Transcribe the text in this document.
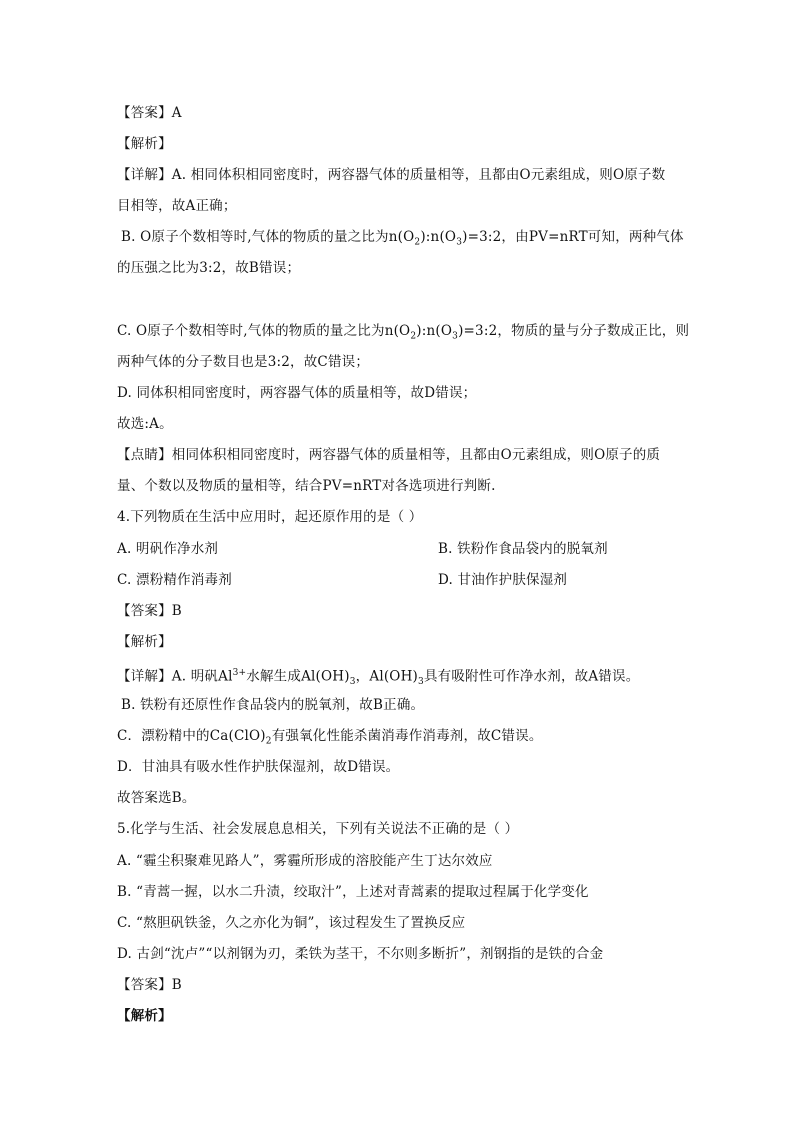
【答案】A
【解析】
【详解】A. 相同体积相同密度时，两容器气体的质量相等，且都由O元素组成，则O原子数
目相等，故A正确；
B. O原子个数相等时,气体的物质的量之比为$n(O_2):n(O_3)=3:2$，由PV=nRT可知，两种气体
的压强之比为3:2，故B错误；
C. O原子个数相等时,气体的物质的量之比为$n(O_2):n(O_3)=3:2$，物质的量与分子数成正比，则
两种气体的分子数目也是3:2，故C错误；
D. 同体积相同密度时，两容器气体的质量相等，故D错误；
故选:A。
【点睛】相同体积相同密度时，两容器气体的质量相等，且都由O元素组成，则O原子的质
量、个数以及物质的量相等，结合PV=nRT对各选项进行判断.
4.下列物质在生活中应用时，起还原作用的是（ ）
A. 明矾作净水剂	B. 铁粉作食品袋内的脱氧剂
C. 漂粉精作消毒剂	D. 甘油作护肤保湿剂
【答案】B
【解析】
【详解】A. 明矾$Al^{3+}$水解生成$Al(OH)_3$，$Al(OH)_3$具有吸附性可作净水剂，故A错误。
B. 铁粉有还原性作食品袋内的脱氧剂，故B正确。
C．漂粉精中的$Ca(ClO)_2$有强氧化性能杀菌消毒作消毒剂，故C错误。
D．甘油具有吸水性作护肤保湿剂，故D错误。
故答案选B。
5.化学与生活、社会发展息息相关，下列有关说法不正确的是（ ）
A. “霾尘积聚难见路人”，雾霾所形成的溶胶能产生丁达尔效应
B. “青蒿一握，以水二升渍，绞取汁”，上述对青蒿素的提取过程属于化学变化
C. “熬胆矾铁釜，久之亦化为铜”，该过程发生了置换反应
D. 古剑“沈卢”“以剂钢为刃，柔铁为茎干，不尔则多断折”，剂钢指的是铁的合金
【答案】B
【解析】
